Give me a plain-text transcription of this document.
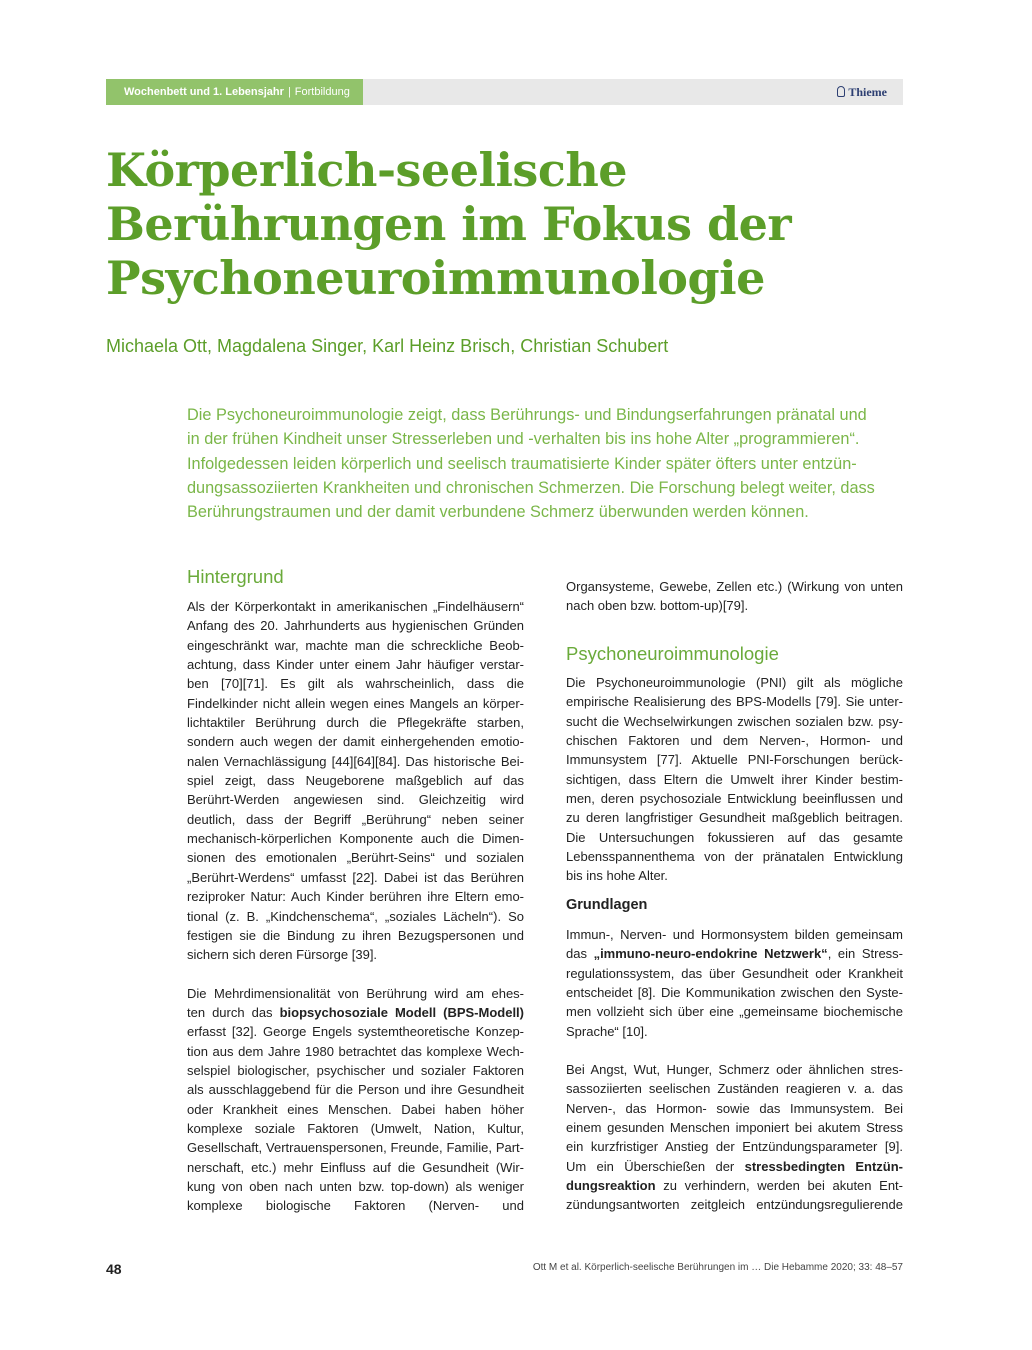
Wochenbett und 1. Lebensjahr | Fortbildung	Thieme
Körperlich-seelische
Berührungen im Fokus der
Psychoneuroimmunologie
Michaela Ott, Magdalena Singer, Karl Heinz Brisch, Christian Schubert
Die Psychoneuroimmunologie zeigt, dass Berührungs- und Bindungserfahrungen pränatal und
in der frühen Kindheit unser Stresserleben und -verhalten bis ins hohe Alter „programmieren“.
Infolgedessen leiden körperlich und seelisch traumatisierte Kinder später öfters unter entzün-
dungsassoziierten Krankheiten und chronischen Schmerzen. Die Forschung belegt weiter, dass
Berührungstraumen und der damit verbundene Schmerz überwunden werden können.
Hintergrund
Als der Körperkontakt in amerikanischen „Findelhäusern“
Anfang des 20. Jahrhunderts aus hygienischen Gründen
eingeschränkt war, machte man die schreckliche Beob-
achtung, dass Kinder unter einem Jahr häufiger verstar-
ben [70][71]. Es gilt als wahrscheinlich, dass die
Findelkinder nicht allein wegen eines Mangels an körper-
lichtaktiler Berührung durch die Pflegekräfte starben,
sondern auch wegen der damit einhergehenden emotio-
nalen Vernachlässigung [44][64][84]. Das historische Bei-
spiel zeigt, dass Neugeborene maßgeblich auf das
Berührt-Werden angewiesen sind. Gleichzeitig wird
deutlich, dass der Begriff „Berührung“ neben seiner
mechanisch-körperlichen Komponente auch die Dimen-
sionen des emotionalen „Berührt-Seins“ und sozialen
„Berührt-Werdens“ umfasst [22]. Dabei ist das Berühren
reziproker Natur: Auch Kinder berühren ihre Eltern emo-
tional (z. B. „Kindchenschema“, „soziales Lächeln“). So
festigen sie die Bindung zu ihren Bezugspersonen und
sichern sich deren Fürsorge [39].
Die Mehrdimensionalität von Berührung wird am ehes-
ten durch das biopsychosoziale Modell (BPS-Modell)
erfasst [32]. George Engels systemtheoretische Konzep-
tion aus dem Jahre 1980 betrachtet das komplexe Wech-
selspiel biologischer, psychischer und sozialer Faktoren
als ausschlaggebend für die Person und ihre Gesundheit
oder Krankheit eines Menschen. Dabei haben höher
komplexe soziale Faktoren (Umwelt, Nation, Kultur,
Gesellschaft, Vertrauenspersonen, Freunde, Familie, Part-
nerschaft, etc.) mehr Einfluss auf die Gesundheit (Wir-
kung von oben nach unten bzw. top-down) als weniger
komplexe biologische Faktoren (Nerven- und
Organsysteme, Gewebe, Zellen etc.) (Wirkung von unten
nach oben bzw. bottom-up)[79].
Psychoneuroimmunologie
Die Psychoneuroimmunologie (PNI) gilt als mögliche
empirische Realisierung des BPS-Modells [79]. Sie unter-
sucht die Wechselwirkungen zwischen sozialen bzw. psy-
chischen Faktoren und dem Nerven-, Hormon- und
Immunsystem [77]. Aktuelle PNI-Forschungen berück-
sichtigen, dass Eltern die Umwelt ihrer Kinder bestim-
men, deren psychosoziale Entwicklung beeinflussen und
zu deren langfristiger Gesundheit maßgeblich beitragen.
Die Untersuchungen fokussieren auf das gesamte
Lebensspannenthema von der pränatalen Entwicklung
bis ins hohe Alter.
Grundlagen
Immun-, Nerven- und Hormonsystem bilden gemeinsam
das „immuno-neuro-endokrine Netzwerk“, ein Stress-
regulationssystem, das über Gesundheit oder Krankheit
entscheidet [8]. Die Kommunikation zwischen den Syste-
men vollzieht sich über eine „gemeinsame biochemische
Sprache“ [10].
Bei Angst, Wut, Hunger, Schmerz oder ähnlichen stres-
sassoziierten seelischen Zuständen reagieren v. a. das
Nerven-, das Hormon- sowie das Immunsystem. Bei
einem gesunden Menschen imponiert bei akutem Stress
ein kurzfristiger Anstieg der Entzündungsparameter [9].
Um ein Überschießen der stressbedingten Entzün-
dungsreaktion zu verhindern, werden bei akuten Ent-
zündungsantworten zeitgleich entzündungsregulierende
48	Ott M et al. Körperlich-seelische Berührungen im … Die Hebamme 2020; 33: 48–57
